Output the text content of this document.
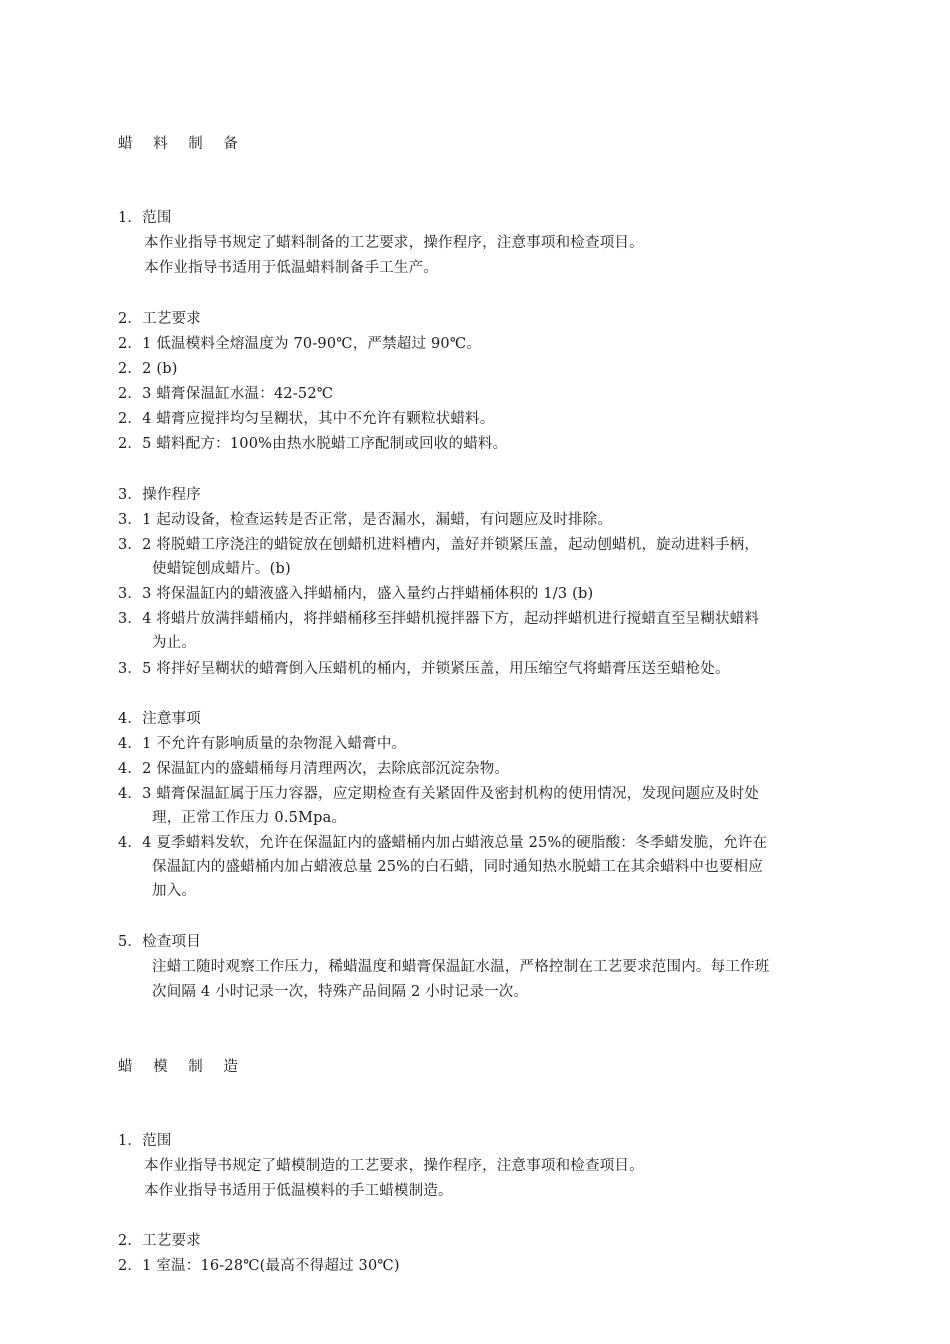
蜡 料 制 备
1．范围
本作业指导书规定了蜡料制备的工艺要求，操作程序，注意事项和检查项目。
本作业指导书适用于低温蜡料制备手工生产。
2．工艺要求
2．1 低温模料全熔温度为 70-90℃，严禁超过 90℃。
2．2 (b)
2．3 蜡膏保温缸水温：42-52℃
2．4 蜡膏应搅拌均匀呈糊状，其中不允许有颗粒状蜡料。
2．5 蜡料配方：100%由热水脱蜡工序配制或回收的蜡料。
3．操作程序
3．1 起动设备，检查运转是否正常，是否漏水，漏蜡，有问题应及时排除。
3．2 将脱蜡工序浇注的蜡锭放在刨蜡机进料槽内，盖好并锁紧压盖，起动刨蜡机，旋动进料手柄，
使蜡锭刨成蜡片。(b)
3．3 将保温缸内的蜡液盛入拌蜡桶内，盛入量约占拌蜡桶体积的 1/3 (b)
3．4 将蜡片放满拌蜡桶内，将拌蜡桶移至拌蜡机搅拌器下方，起动拌蜡机进行搅蜡直至呈糊状蜡料
为止。
3．5 将拌好呈糊状的蜡膏倒入压蜡机的桶内，并锁紧压盖，用压缩空气将蜡膏压送至蜡枪处。
4．注意事项
4．1 不允许有影响质量的杂物混入蜡膏中。
4．2 保温缸内的盛蜡桶每月清理两次，去除底部沉淀杂物。
4．3 蜡膏保温缸属于压力容器，应定期检查有关紧固件及密封机构的使用情况，发现问题应及时处
理，正常工作压力 0.5Mpa。
4．4 夏季蜡料发软，允许在保温缸内的盛蜡桶内加占蜡液总量 25%的硬脂酸：冬季蜡发脆，允许在
保温缸内的盛蜡桶内加占蜡液总量 25%的白石蜡，同时通知热水脱蜡工在其余蜡料中也要相应
加入。
5．检查项目
注蜡工随时观察工作压力，稀蜡温度和蜡膏保温缸水温，严格控制在工艺要求范围内。每工作班
次间隔 4 小时记录一次，特殊产品间隔 2 小时记录一次。
蜡 模 制 造
1．范围
本作业指导书规定了蜡模制造的工艺要求，操作程序，注意事项和检查项目。
本作业指导书适用于低温模料的手工蜡模制造。
2．工艺要求
2．1 室温：16-28℃(最高不得超过 30℃)
